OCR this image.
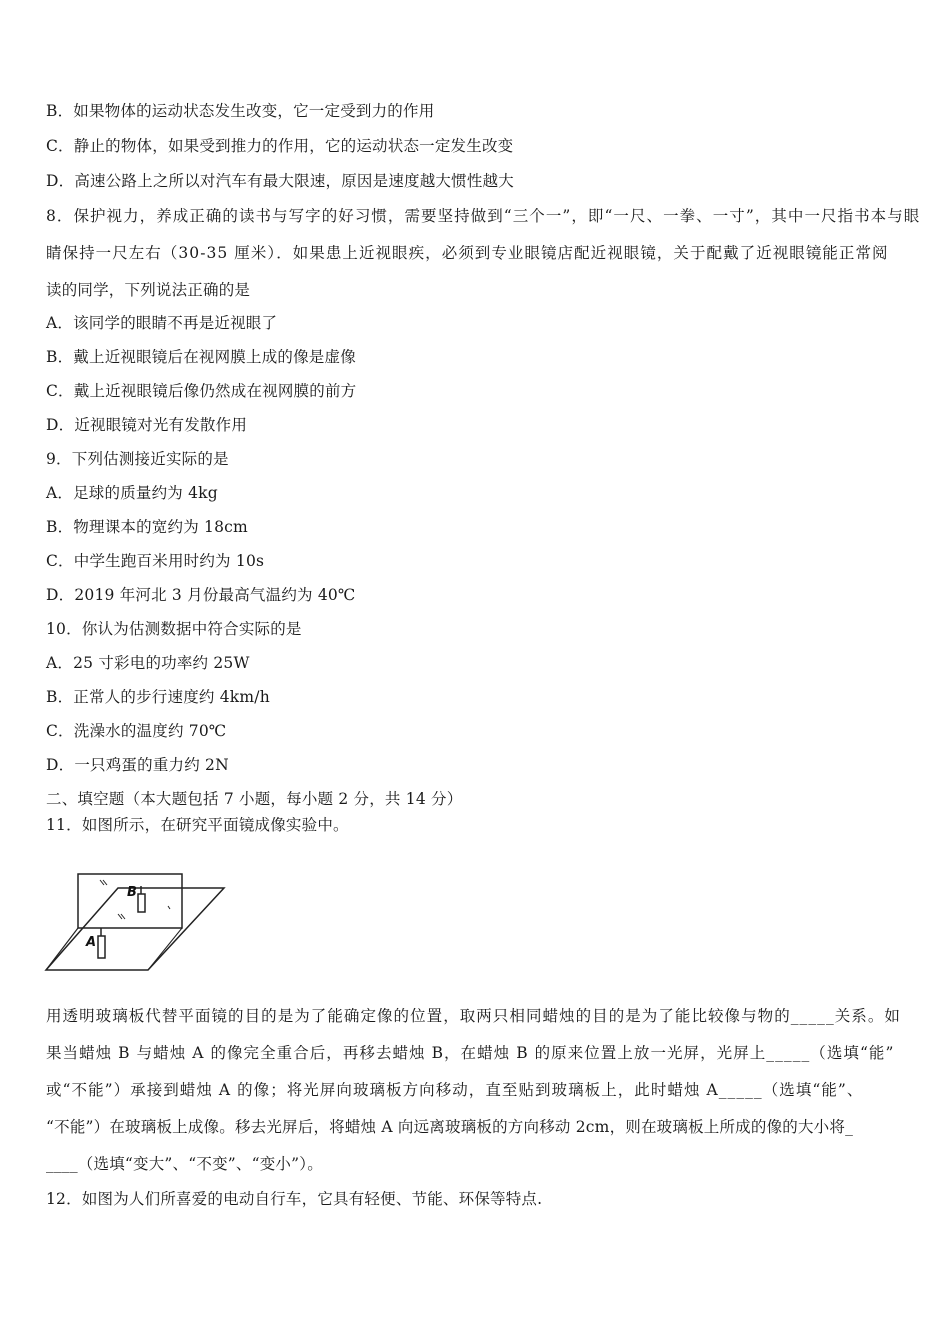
B．如果物体的运动状态发生改变，它一定受到力的作用
C．静止的物体，如果受到推力的作用，它的运动状态一定发生改变
D．高速公路上之所以对汽车有最大限速，原因是速度越大惯性越大
8．保护视力，养成正确的读书与写字的好习惯，需要坚持做到“三个一”，即“一尺、一拳、一寸”，其中一尺指书本与眼
睛保持一尺左右（30-35 厘米）．如果患上近视眼疾，必须到专业眼镜店配近视眼镜，关于配戴了近视眼镜能正常阅
读的同学，下列说法正确的是
A．该同学的眼睛不再是近视眼了
B．戴上近视眼镜后在视网膜上成的像是虚像
C．戴上近视眼镜后像仍然成在视网膜的前方
D．近视眼镜对光有发散作用
9．下列估测接近实际的是
A．足球的质量约为 4kg
B．物理课本的宽约为 18cm
C．中学生跑百米用时约为 10s
D．2019 年河北 3 月份最高气温约为 40℃
10．你认为估测数据中符合实际的是
A．25 寸彩电的功率约 25W
B．正常人的步行速度约 4km/h
C．洗澡水的温度约 70℃
D．一只鸡蛋的重力约 2N
二、填空题（本大题包括 7 小题，每小题 2 分，共 14 分）
11．如图所示，在研究平面镜成像实验中。
B
A
用透明玻璃板代替平面镜的目的是为了能确定像的位置，取两只相同蜡烛的目的是为了能比较像与物的_____关系。如
果当蜡烛 B 与蜡烛 A 的像完全重合后，再移去蜡烛 B，在蜡烛 B 的原来位置上放一光屏，光屏上_____（选填“能”
或“不能”）承接到蜡烛 A 的像；将光屏向玻璃板方向移动，直至贴到玻璃板上，此时蜡烛 A_____（选填“能”、
“不能”）在玻璃板上成像。移去光屏后，将蜡烛 A 向远离玻璃板的方向移动 2cm，则在玻璃板上所成的像的大小将_
____（选填“变大”、“不变”、“变小”）。
12．如图为人们所喜爱的电动自行车，它具有轻便、节能、环保等特点.
